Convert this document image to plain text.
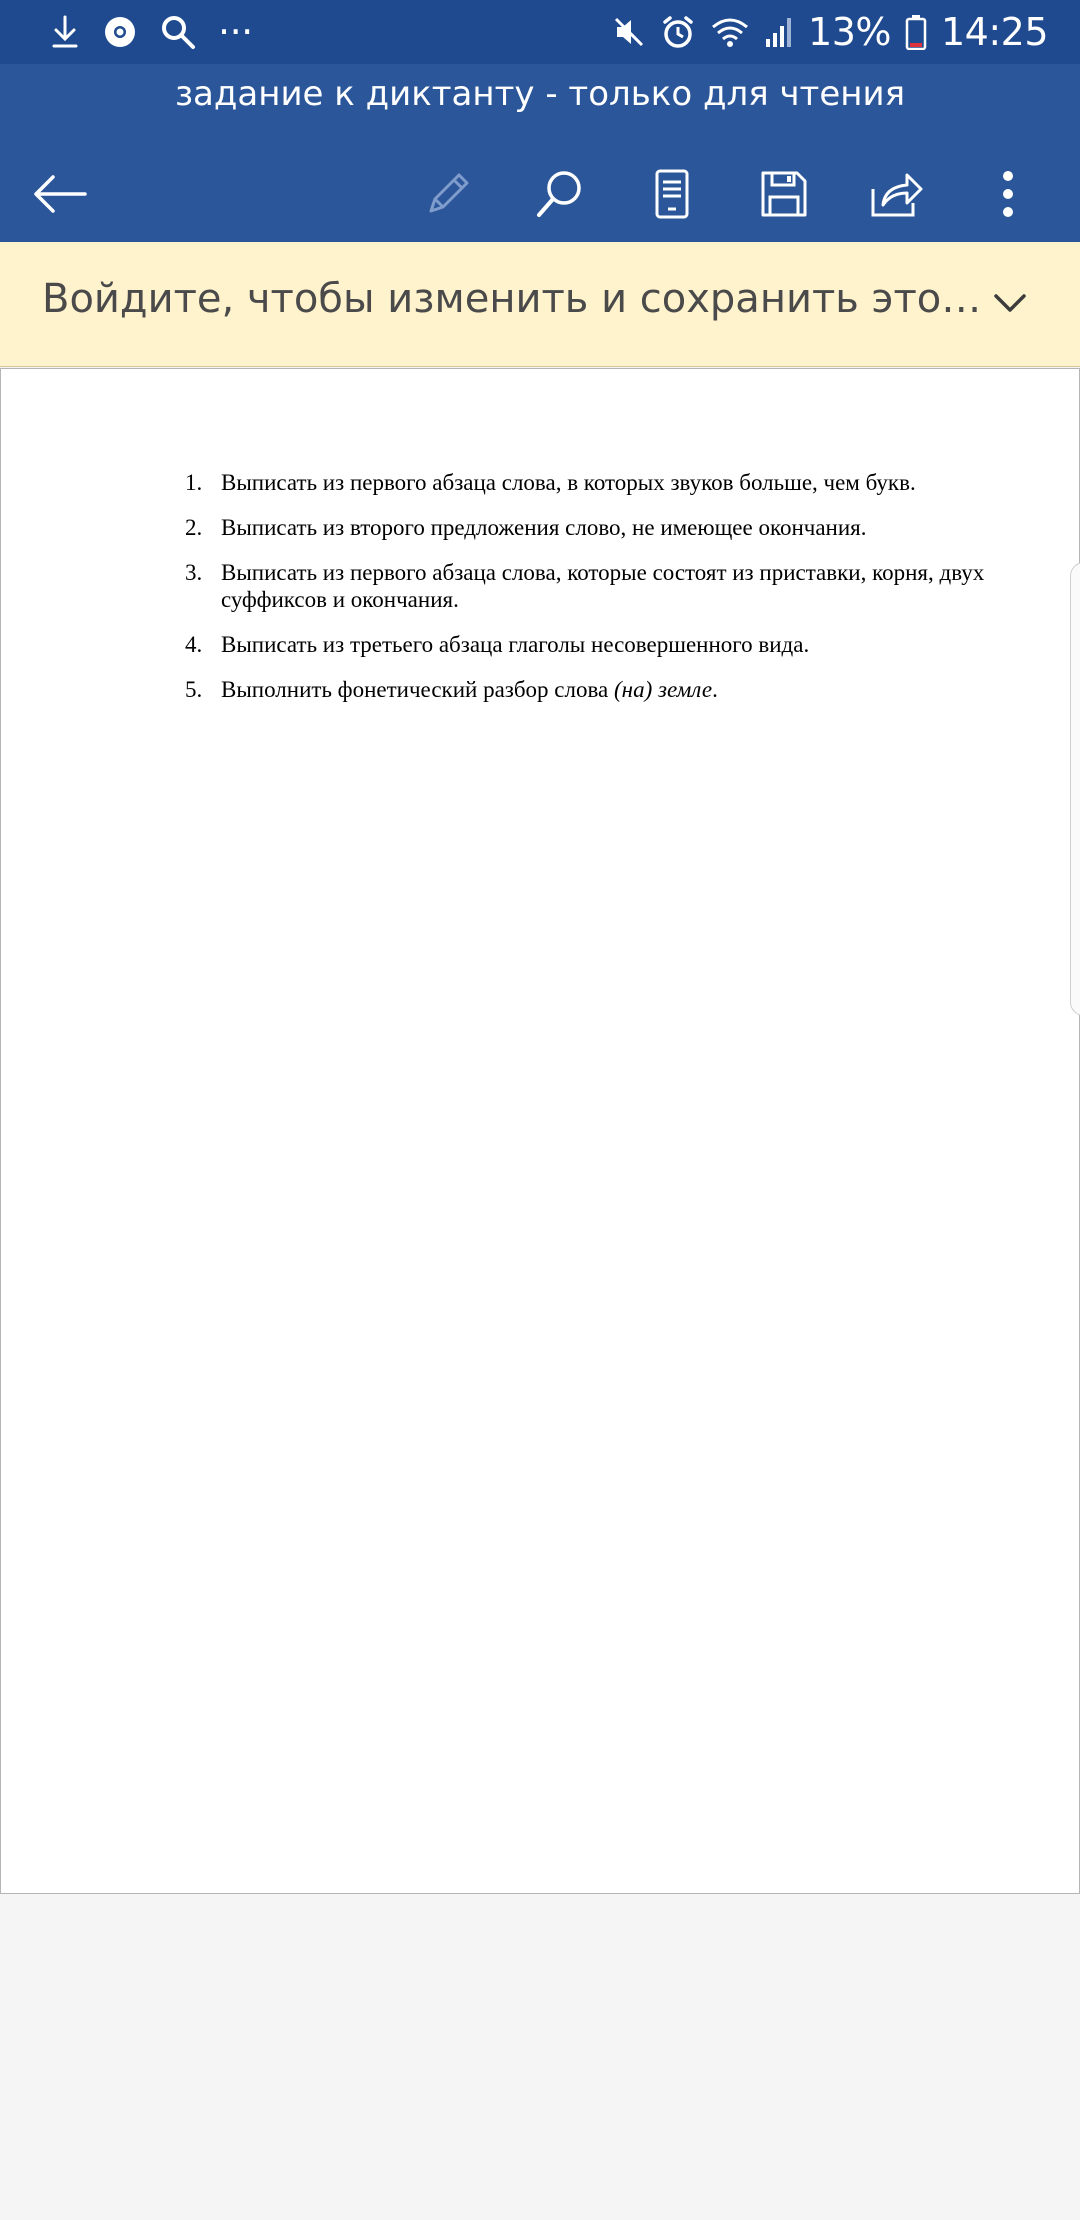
···	13% 14:25
задание к диктанту - только для чтения
Войдите, чтобы изменить и сохранить это…
1. Выписать из первого абзаца слова, в которых звуков больше, чем букв.
2. Выписать из второго предложения слово, не имеющее окончания.
3. Выписать из первого абзаца слова, которые состоят из приставки, корня, двух суффиксов и окончания.
4. Выписать из третьего абзаца глаголы несовершенного вида.
5. Выполнить фонетический разбор слова (на) земле.
